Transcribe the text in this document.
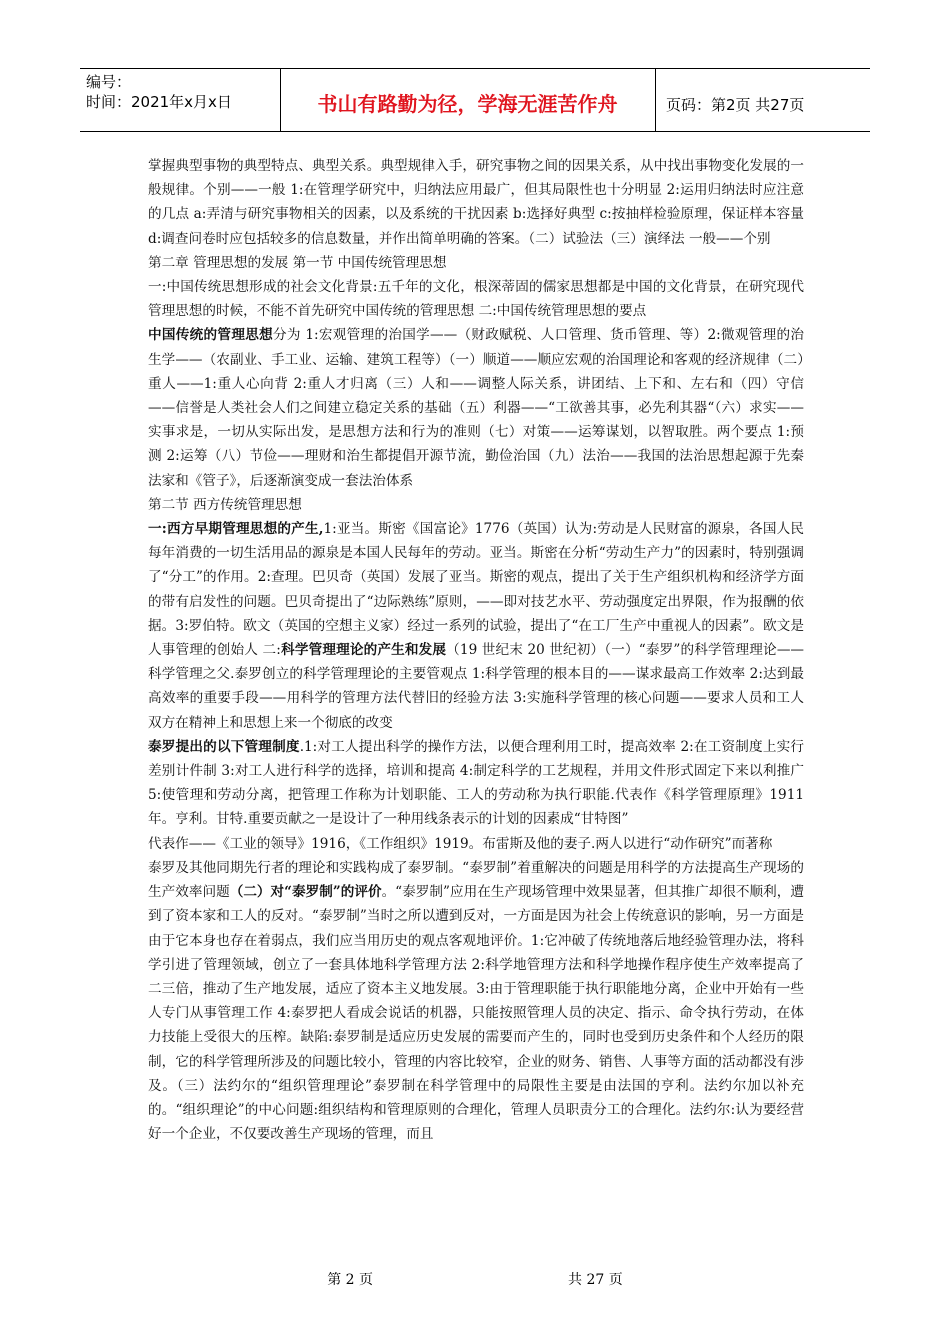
编号：
时间：2021年x月x日	书山有路勤为径，学海无涯苦作舟	页码：第2页 共27页

掌握典型事物的典型特点、典型关系。典型规律入手，研究事物之间的因果关系，从中找出事物变化发展的一般规律。个别——一般 1:在管理学研究中，归纳法应用最广，但其局限性也十分明显 2:运用归纳法时应注意的几点 a:弄清与研究事物相关的因素，以及系统的干扰因素 b:选择好典型 c:按抽样检验原理，保证样本容量 d:调查问卷时应包括较多的信息数量，并作出简单明确的答案。（二）试验法（三）演绎法 一般——个别

第二章 管理思想的发展 第一节 中国传统管理思想

一:中国传统思想形成的社会文化背景:五千年的文化，根深蒂固的儒家思想都是中国的文化背景，在研究现代管理思想的时候，不能不首先研究中国传统的管理思想 二:中国传统管理思想的要点

中国传统的管理思想分为 1:宏观管理的治国学——（财政赋税、人口管理、货币管理、等）2:微观管理的治生学——（农副业、手工业、运输、建筑工程等）（一）顺道——顺应宏观的治国理论和客观的经济规律（二）重人——1:重人心向背 2:重人才归离（三）人和——调整人际关系，讲团结、上下和、左右和（四）守信——信誉是人类社会人们之间建立稳定关系的基础（五）利器——“工欲善其事，必先利其器“（六）求实——实事求是，一切从实际出发，是思想方法和行为的准则（七）对策——运筹谋划，以智取胜。两个要点 1:预测 2:运筹（八）节俭——理财和治生都提倡开源节流，勤俭治国（九）法治——我国的法治思想起源于先秦法家和《管子》，后逐渐演变成一套法治体系

第二节 西方传统管理思想

一:西方早期管理思想的产生,1:亚当。斯密《国富论》1776（英国）认为:劳动是人民财富的源泉，各国人民每年消费的一切生活用品的源泉是本国人民每年的劳动。亚当。斯密在分析“劳动生产力”的因素时，特别强调了“分工”的作用。2:查理。巴贝奇（英国）发展了亚当。斯密的观点，提出了关于生产组织机构和经济学方面的带有启发性的问题。巴贝奇提出了“边际熟练”原则，——即对技艺水平、劳动强度定出界限，作为报酬的依据。3:罗伯特。欧文（英国的空想主义家）经过一系列的试验，提出了“在工厂生产中重视人的因素”。欧文是人事管理的创始人 二:科学管理理论的产生和发展（19 世纪末 20 世纪初）（一）“泰罗”的科学管理理论——科学管理之父.泰罗创立的科学管理理论的主要管观点 1:科学管理的根本目的——谋求最高工作效率 2:达到最高效率的重要手段——用科学的管理方法代替旧的经验方法 3:实施科学管理的核心问题——要求人员和工人双方在精神上和思想上来一个彻底的改变

泰罗提出的以下管理制度.1:对工人提出科学的操作方法，以便合理利用工时，提高效率 2:在工资制度上实行差别计件制 3:对工人进行科学的选择，培训和提高 4:制定科学的工艺规程，并用文件形式固定下来以利推广 5:使管理和劳动分离，把管理工作称为计划职能、工人的劳动称为执行职能.代表作《科学管理原理》1911 年。亨利。甘特.重要贡献之一是设计了一种用线条表示的计划的因素成“甘特图”

代表作——《工业的领导》1916，《工作组织》1919。布雷斯及他的妻子.两人以进行“动作研究”而著称

泰罗及其他同期先行者的理论和实践构成了泰罗制。“泰罗制”着重解决的问题是用科学的方法提高生产现场的生产效率问题（二）对“泰罗制”的评价。“泰罗制”应用在生产现场管理中效果显著，但其推广却很不顺利，遭到了资本家和工人的反对。“泰罗制”当时之所以遭到反对，一方面是因为社会上传统意识的影响，另一方面是由于它本身也存在着弱点，我们应当用历史的观点客观地评价。1:它冲破了传统地落后地经验管理办法，将科学引进了管理领域，创立了一套具体地科学管理方法 2:科学地管理方法和科学地操作程序使生产效率提高了二三倍，推动了生产地发展，适应了资本主义地发展。3:由于管理职能于执行职能地分离，企业中开始有一些人专门从事管理工作 4:泰罗把人看成会说话的机器，只能按照管理人员的决定、指示、命令执行劳动，在体力技能上受很大的压榨。缺陷:泰罗制是适应历史发展的需要而产生的，同时也受到历史条件和个人经历的限制，它的科学管理所涉及的问题比较小，管理的内容比较窄，企业的财务、销售、人事等方面的活动都没有涉及。（三）法约尔的“组织管理理论”泰罗制在科学管理中的局限性主要是由法国的亨利。法约尔加以补充的。“组织理论”的中心问题:组织结构和管理原则的合理化，管理人员职责分工的合理化。法约尔:认为要经营好一个企业，不仅要改善生产现场的管理，而且

第 2 页	共 27 页
